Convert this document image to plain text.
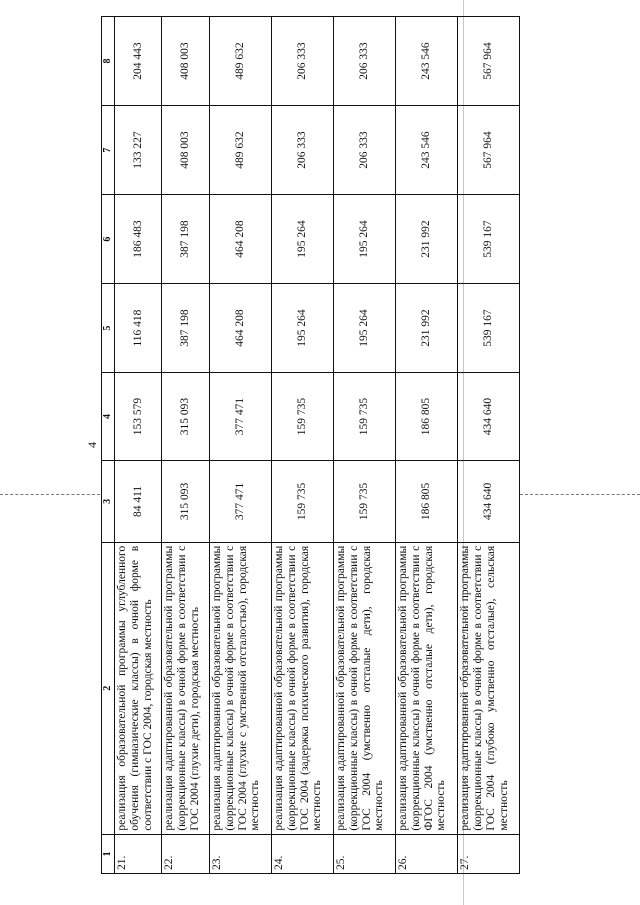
4
1	2	3	4	5	6	7	8
21.	реализация образовательной программы углубленного обучения (гимназические классы) в очной форме в соответствии с ГОС 2004, городская местность	84 411	153 579	116 418	186 483	133 227	204 443
22.	реализация адаптированной образовательной программы (коррекционные классы) в очной форме в соответствии с ГОС 2004 (глухие дети), городская местность	315 093	315 093	387 198	387 198	408 003	408 003
23.	реализация адаптированной образовательной программы (коррекционные классы) в очной форме в соответствии с ГОС 2004 (глухие с умственной отсталостью), городская местность	377 471	377 471	464 208	464 208	489 632	489 632
24.	реализация адаптированной образовательной программы (коррекционные классы) в очной форме в соответствии с ГОС 2004 (задержка психического развития), городская местность	159 735	159 735	195 264	195 264	206 333	206 333
25.	реализация адаптированной образовательной программы (коррекционные классы) в очной форме в соответствии с ГОС 2004 (умственно отсталые дети), городская местность	159 735	159 735	195 264	195 264	206 333	206 333
26.	реализация адаптированной образовательной программы (коррекционные классы) в очной форме в соответствии с ФГОС 2004 (умственно отсталые дети), городская местность	186 805	186 805	231 992	231 992	243 546	243 546
27.	реализация адаптированной образовательной программы (коррекционные классы) в очной форме в соответствии с ГОС 2004 (глубоко умственно отсталые), сельская местность	434 640	434 640	539 167	539 167	567 964	567 964
